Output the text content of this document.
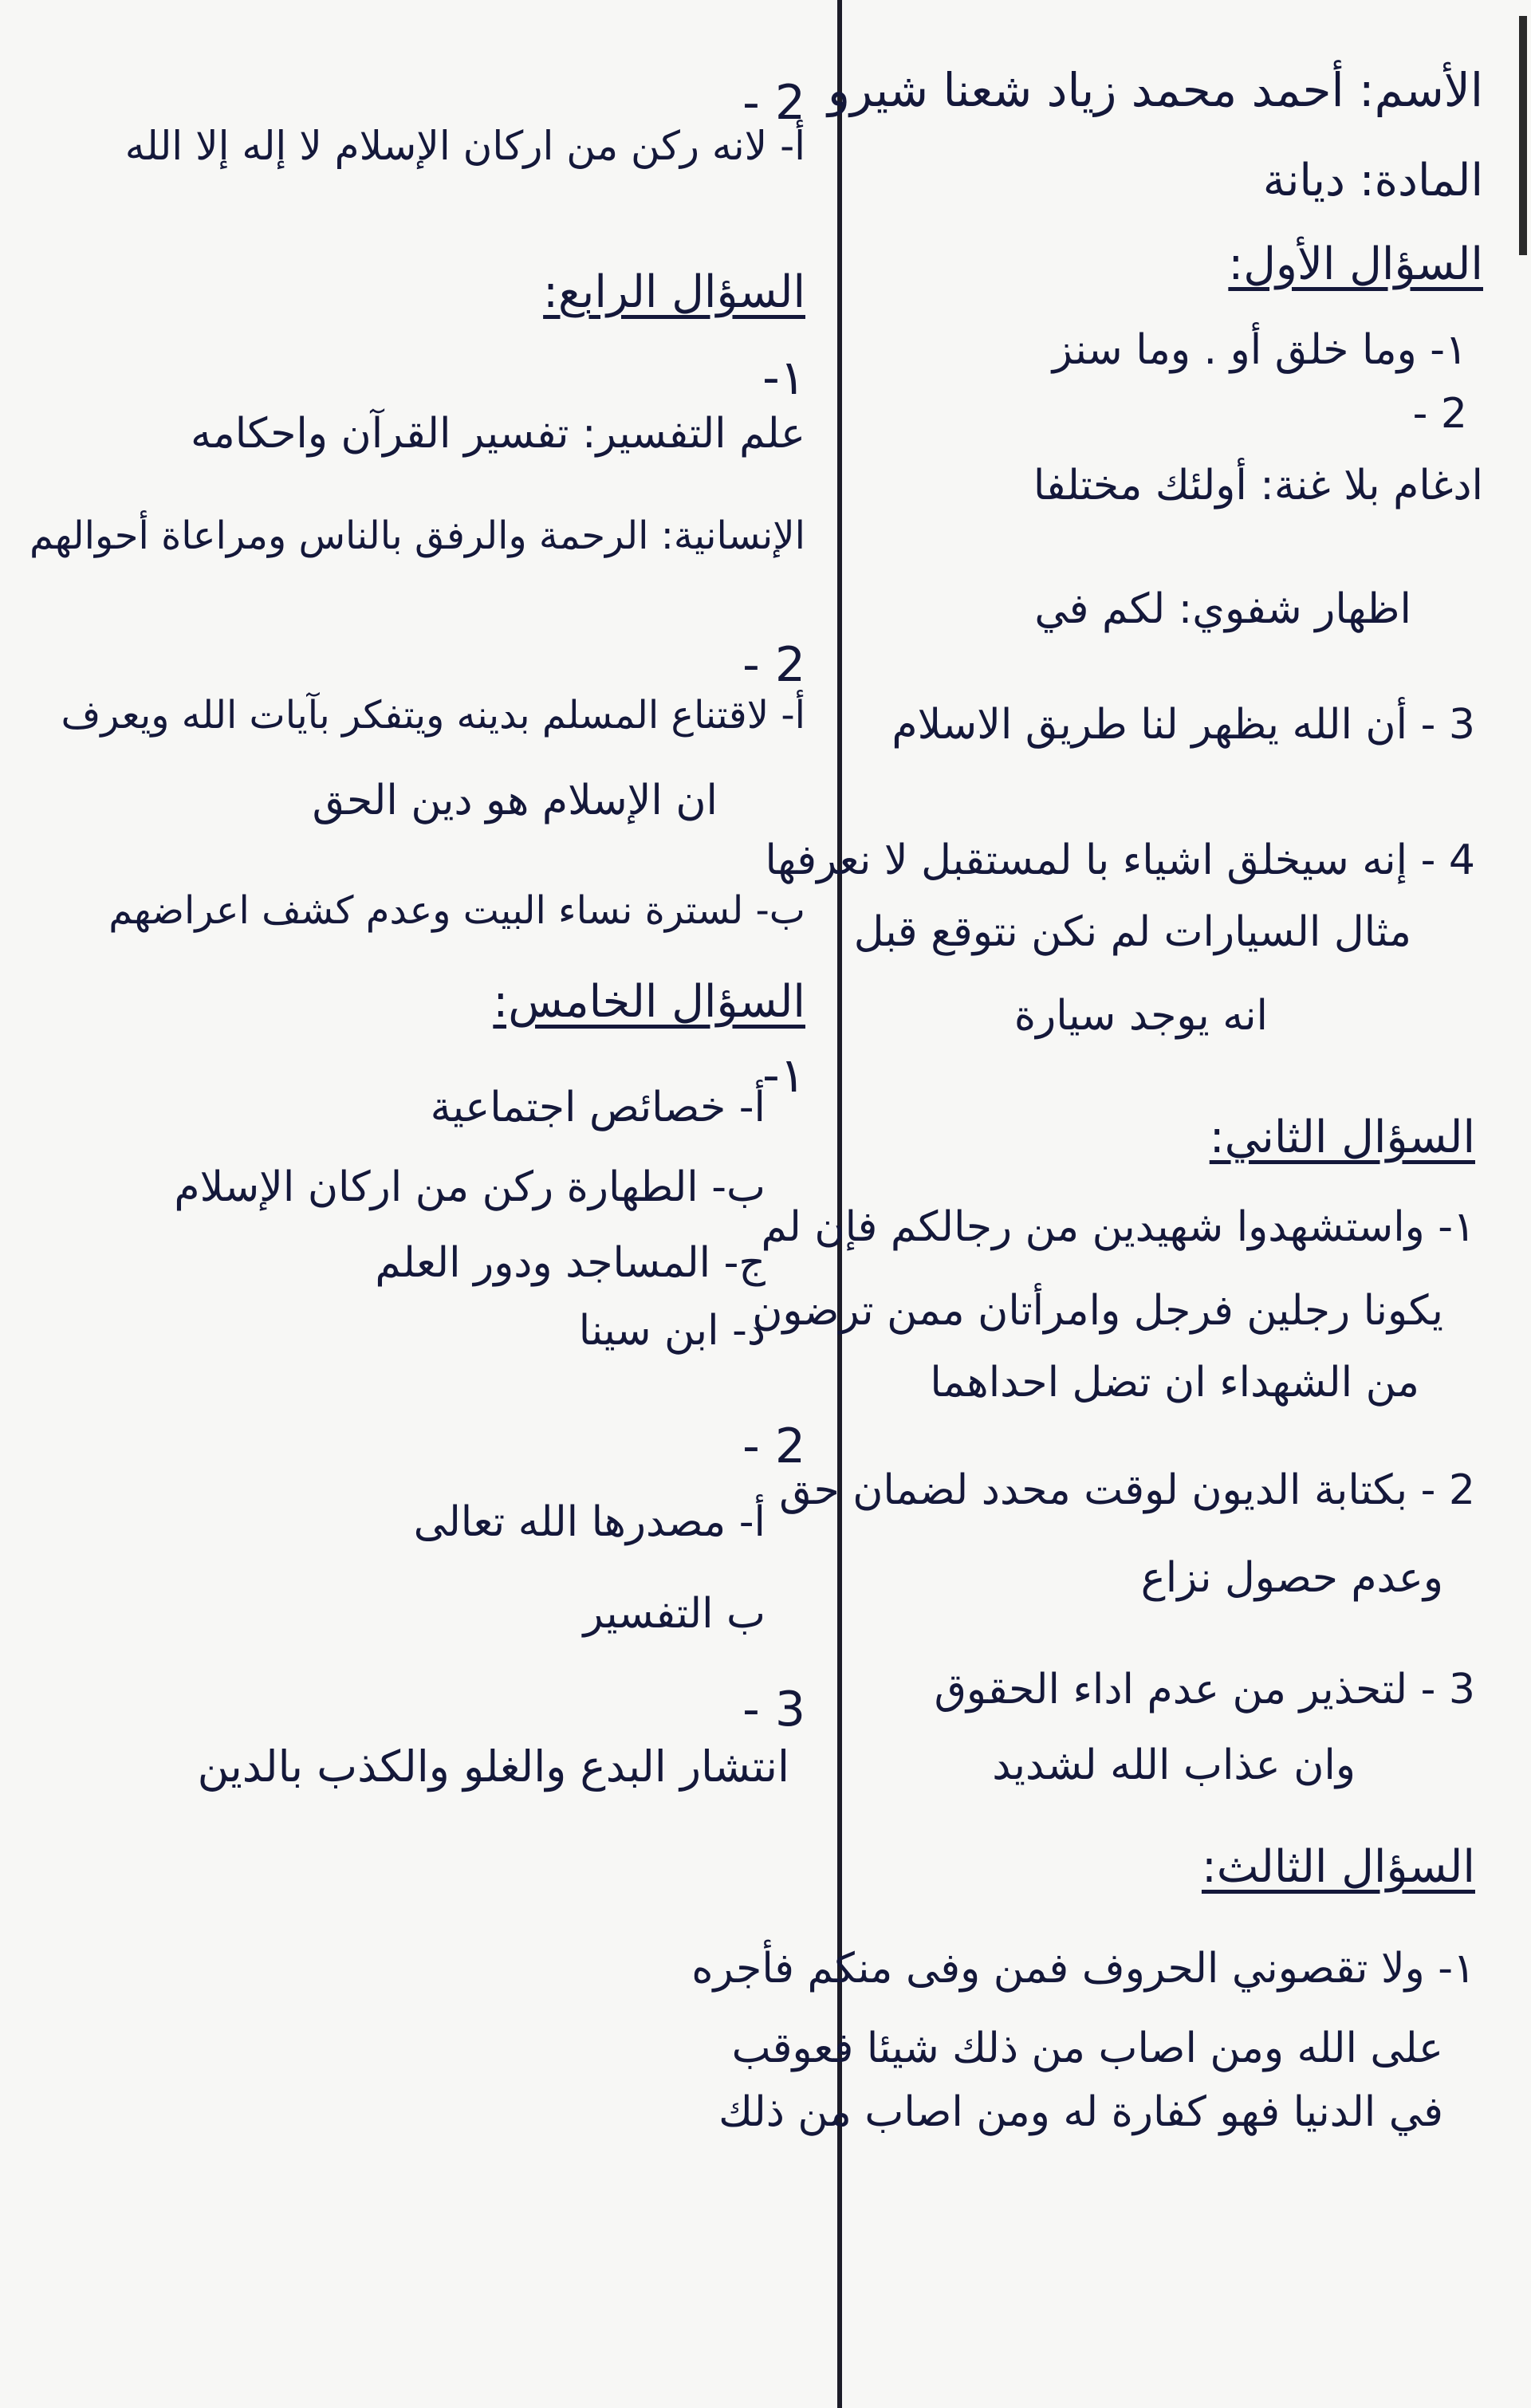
الأسم: أحمد محمد زياد شعنا شيرو
المادة: ديانة
السؤال الأول:
١- وما خلق أو . وما سنز
2 -
ادغام بلا غنة: أولئك مختلفا
اظهار شفوي: لكم في
3 - أن الله يظهر لنا طريق الاسلام
4 - إنه سيخلق اشياء با لمستقبل لا نعرفها
مثال السيارات لم نكن نتوقع قبل
انه يوجد سيارة
السؤال الثاني:
١- واستشهدوا شهيدين من رجالكم فإن لم
يكونا رجلين فرجل وامرأتان ممن ترضون
من الشهداء ان تضل احداهما
2 - بكتابة الديون لوقت محدد لضمان حق
وعدم حصول نزاع
3 - لتحذير من عدم اداء الحقوق
وان عذاب الله لشديد
السؤال الثالث:
١- ولا تقصوني الحروف فمن وفى منكم فأجره
على الله ومن اصاب من ذلك شيئا فعوقب
في الدنيا فهو كفارة له ومن اصاب من ذلك
2 -
أ- لانه ركن من اركان الإسلام لا إله إلا الله
السؤال الرابع:
١-
علم التفسير: تفسير القرآن واحكامه
الإنسانية: الرحمة والرفق بالناس ومراعاة أحوالهم
2 -
أ- لاقتناع المسلم بدينه ويتفكر بآيات الله ويعرف
ان الإسلام هو دين الحق
ب- لسترة نساء البيت وعدم كشف اعراضهم
السؤال الخامس:
١-
أ- خصائص اجتماعية
ب- الطهارة ركن من اركان الإسلام
ج- المساجد ودور العلم
د- ابن سينا
2 -
أ- مصدرها الله تعالى
ب التفسير
3 -
انتشار البدع والغلو والكذب بالدين
